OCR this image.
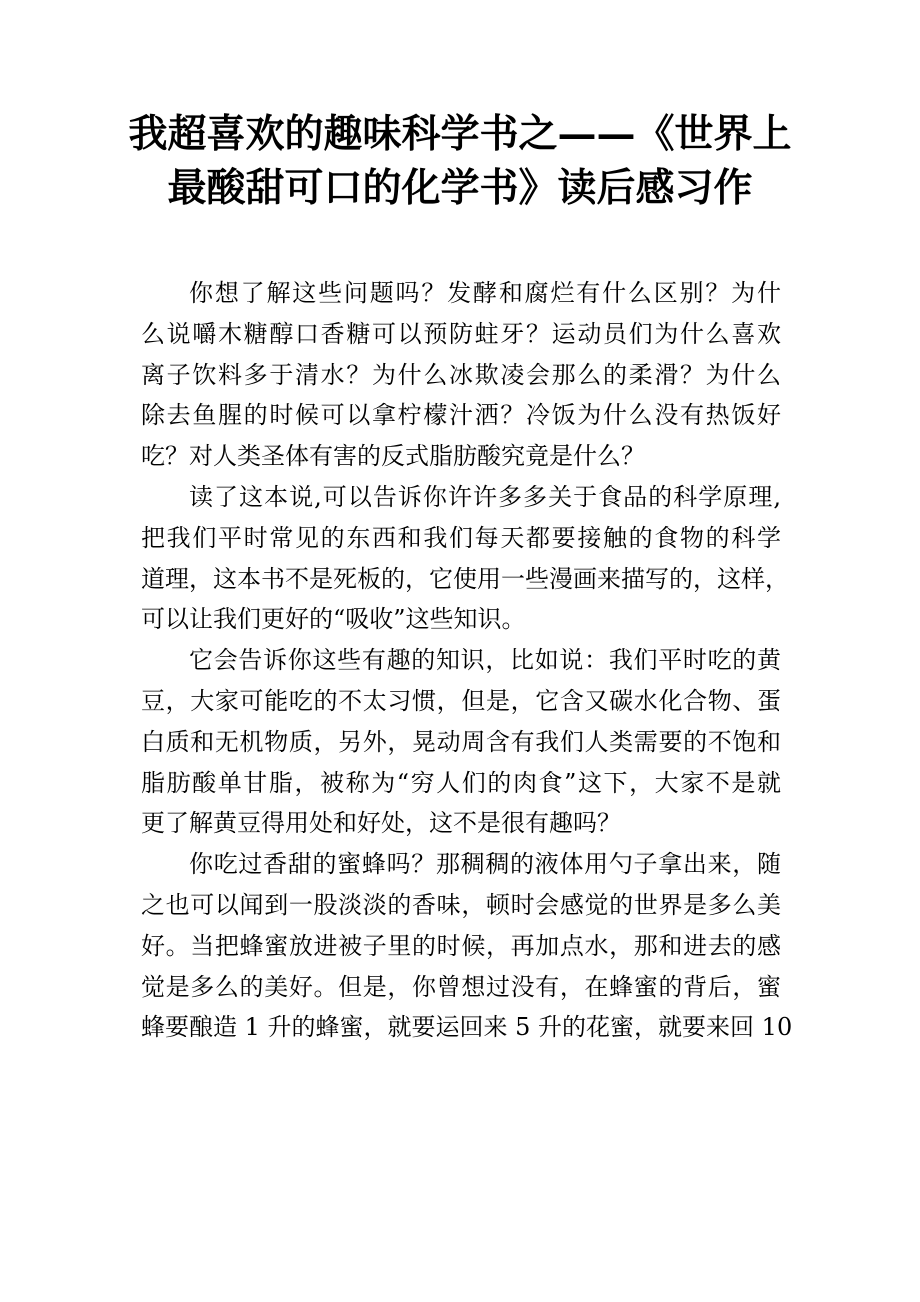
我超喜欢的趣味科学书之——《世界上
最酸甜可口的化学书》读后感习作
你想了解这些问题吗？发酵和腐烂有什么区别？为什
么说嚼木糖醇口香糖可以预防蛀牙？运动员们为什么喜欢
离子饮料多于清水？为什么冰欺凌会那么的柔滑？为什么
除去鱼腥的时候可以拿柠檬汁洒？冷饭为什么没有热饭好
吃？对人类圣体有害的反式脂肪酸究竟是什么？
读了这本说,可以告诉你许许多多关于食品的科学原理,
把我们平时常见的东西和我们每天都要接触的食物的科学
道理，这本书不是死板的，它使用一些漫画来描写的，这样，
可以让我们更好的“吸收”这些知识。
它会告诉你这些有趣的知识，比如说：我们平时吃的黄
豆，大家可能吃的不太习惯，但是，它含又碳水化合物、蛋
白质和无机物质，另外，晃动周含有我们人类需要的不饱和
脂肪酸单甘脂，被称为“穷人们的肉食”这下，大家不是就
更了解黄豆得用处和好处，这不是很有趣吗？
你吃过香甜的蜜蜂吗？那稠稠的液体用勺子拿出来，随
之也可以闻到一股淡淡的香味，顿时会感觉的世界是多么美
好。当把蜂蜜放进被子里的时候，再加点水，那和进去的感
觉是多么的美好。但是，你曾想过没有，在蜂蜜的背后，蜜
蜂要酿造 1 升的蜂蜜，就要运回来 5 升的花蜜，就要来回 10
